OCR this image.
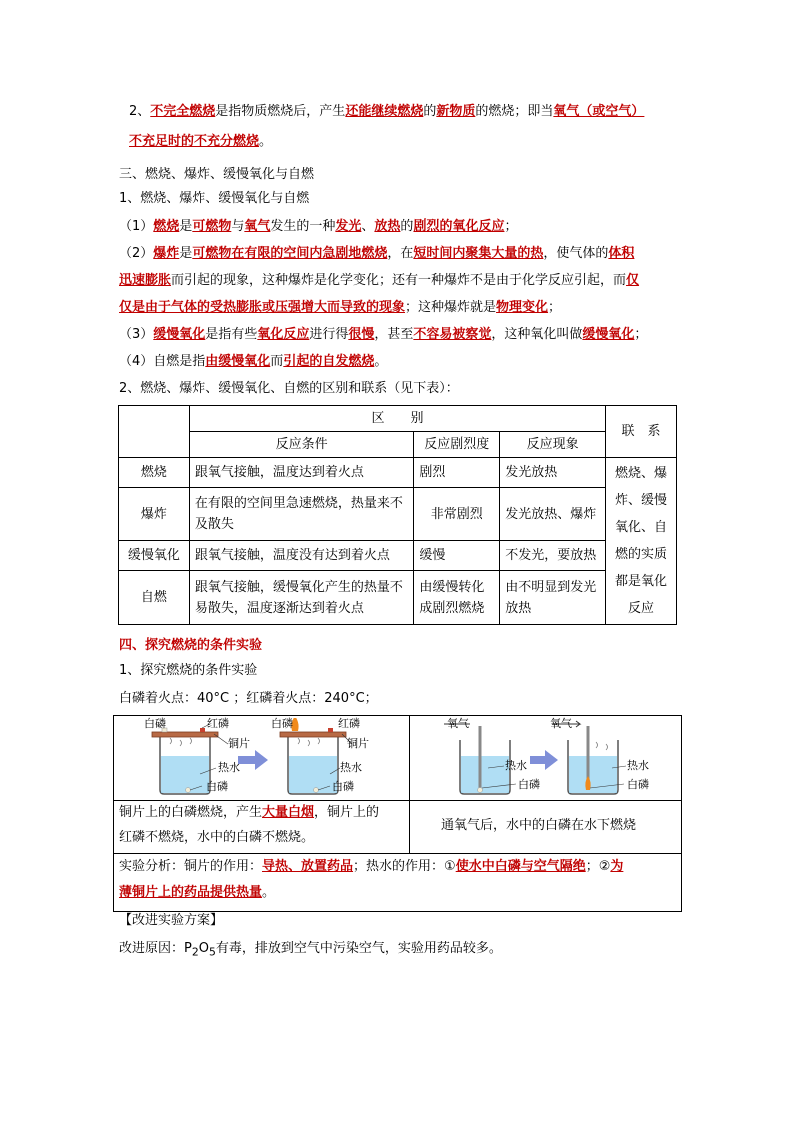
2、不完全燃烧是指物质燃烧后，产生还能继续燃烧的新物质的燃烧；即当氧气（或空气）
不充足时的不充分燃烧。
三、燃烧、爆炸、缓慢氧化与自燃
1、燃烧、爆炸、缓慢氧化与自燃
（1）燃烧是可燃物与氧气发生的一种发光、放热的剧烈的氧化反应；
（2）爆炸是可燃物在有限的空间内急剧地燃烧，在短时间内聚集大量的热，使气体的体积
迅速膨胀而引起的现象，这种爆炸是化学变化；还有一种爆炸不是由于化学反应引起，而仅
仅是由于气体的受热膨胀或压强增大而导致的现象；这种爆炸就是物理变化；
（3）缓慢氧化是指有些氧化反应进行得很慢，甚至不容易被察觉，这种氧化叫做缓慢氧化；
（4）自燃是指由缓慢氧化而引起的自发燃烧。
2、燃烧、爆炸、缓慢氧化、自燃的区别和联系（见下表）：
	区　　别			联　系
	反应条件	反应剧烈度	反应现象	
燃烧	跟氧气接触，温度达到着火点	剧烈	发光放热	燃烧、爆炸、缓慢氧化、自燃的实质都是氧化反应
爆炸	在有限的空间里急速燃烧，热量来不及散失	非常剧烈	发光放热、爆炸	
缓慢氧化	跟氧气接触，温度没有达到着火点	缓慢	不发光，要放热	
自燃	跟氧气接触，缓慢氧化产生的热量不易散失，温度逐渐达到着火点	由缓慢转化成剧烈燃烧	由不明显到发光放热	
四、探究燃烧的条件实验
1、探究燃烧的条件实验
白磷着火点：40°C ；红磷着火点：240°C；
白磷	红磷
铜片
热水
白磷
白磷	红磷
铜片
热水
白磷
氧气	氧气
热水
白磷
热水
白磷
铜片上的白磷燃烧，产生大量白烟，铜片上的
红磷不燃烧，水中的白磷不燃烧。
通氧气后，水中的白磷在水下燃烧
实验分析：铜片的作用：导热、放置药品；热水的作用：①使水中白磷与空气隔绝；②为
薄铜片上的药品提供热量。
【改进实验方案】
改进原因：$P_2O_5$有毒，排放到空气中污染空气，实验用药品较多。
